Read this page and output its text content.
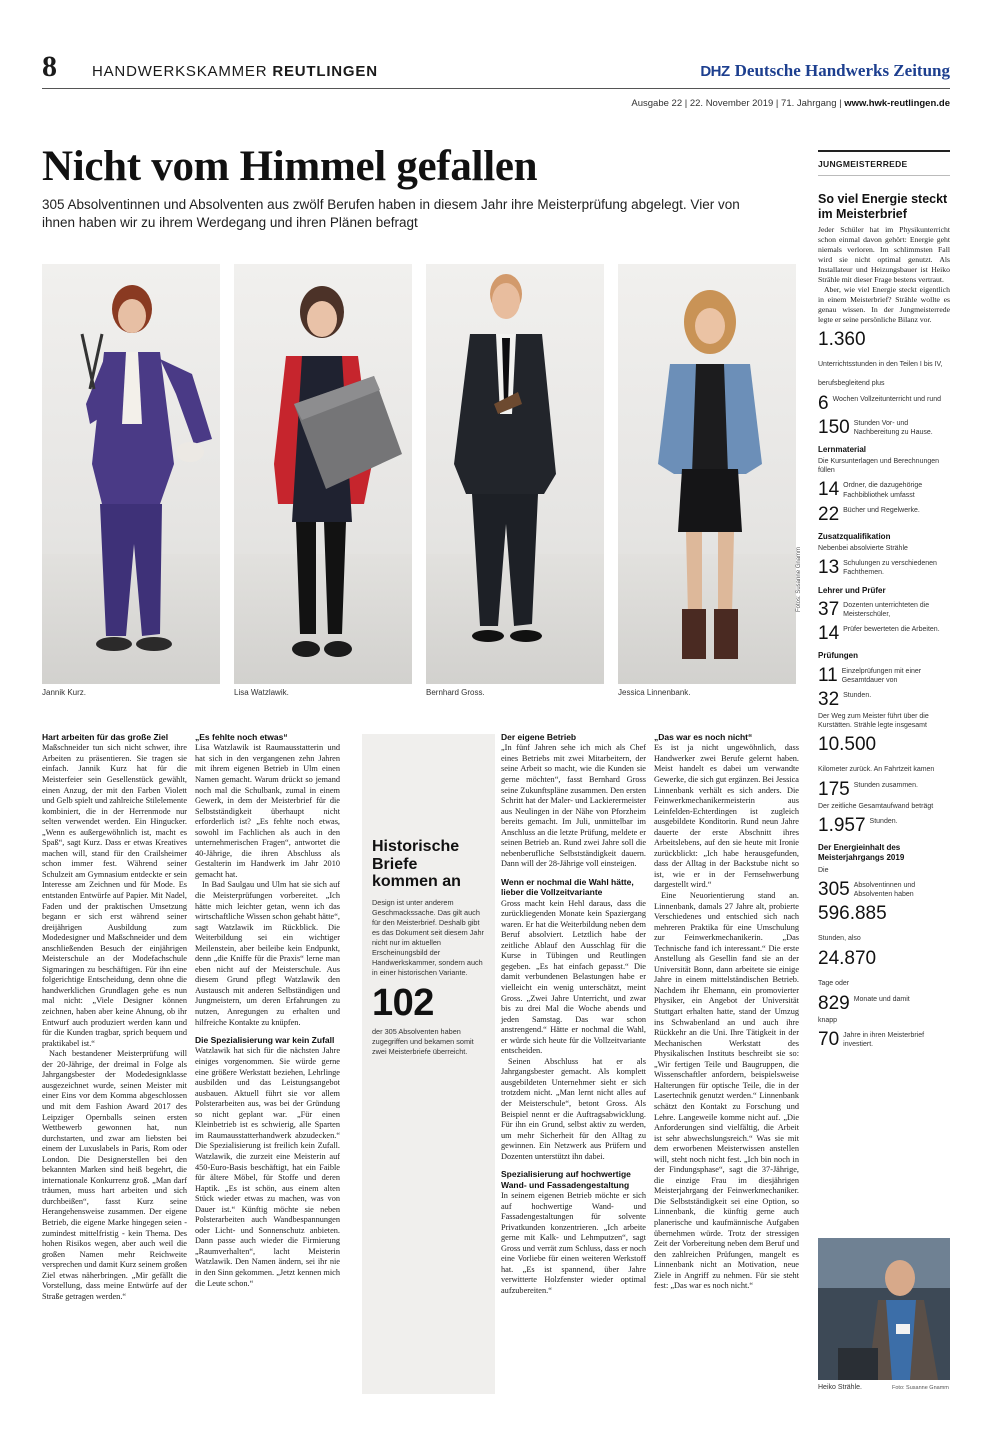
8 HANDWERKSKAMMER REUTLINGEN	DHZ Deutsche Handwerks Zeitung
Ausgabe 22 | 22. November 2019 | 71. Jahrgang | www.hwk-reutlingen.de
Nicht vom Himmel gefallen

305 Absolventinnen und Absolventen aus zwölf Berufen haben in diesem Jahr ihre Meisterprüfung abgelegt. Vier von ihnen haben wir zu ihrem Werdegang und ihren Plänen befragt

Jannik Kurz.	Lisa Watzlawik.	Bernhard Gross.	Jessica Linnenbank.
Fotos: Susanne Gnamm
Hart arbeiten für das große Ziel

Maßschneider tun sich nicht schwer, ihre Arbeiten zu präsentieren. Sie tragen sie einfach. Jannik Kurz hat für die Meisterfeier sein Gesellenstück gewählt, einen Anzug, der mit den Farben Violett und Gelb spielt und zahlreiche Stilelemente kombiniert, die in der Herrenmode nur selten verwendet werden. Ein Hingucker. „Wenn es außergewöhnlich ist, macht es Spaß“, sagt Kurz. Dass er etwas Kreatives machen will, stand für den Crailsheimer schon immer fest. Während seiner Schulzeit am Gymnasium entdeckte er sein Interesse am Zeichnen und für Mode. Es entstanden Entwürfe auf Papier. Mit Nadel, Faden und der praktischen Umsetzung begann er sich erst während seiner dreijährigen Ausbildung zum Modedesigner und Maßschneider und dem anschließenden Besuch der einjährigen Meisterschule an der Modefachschule Sigmaringen zu beschäftigen. Für ihn eine folgerichtige Entscheidung, denn ohne die handwerklichen Grundlagen gehe es nun mal nicht: „Viele Designer können zeichnen, haben aber keine Ahnung, ob ihr Entwurf auch produziert werden kann und für die Kunden tragbar, sprich bequem und praktikabel ist.“

Nach bestandener Meisterprüfung will der 20-Jährige, der dreimal in Folge als Jahrgangsbester der Modedesignklasse ausgezeichnet wurde, seinen Meister mit einer Eins vor dem Komma abgeschlossen und mit dem Fashion Award 2017 des Leipziger Opernballs seinen ersten Wettbewerb gewonnen hat, nun durchstarten, und zwar am liebsten bei einem der Luxuslabels in Paris, Rom oder London. Die Designerstellen bei den bekannten Marken sind heiß begehrt, die internationale Konkurrenz groß. „Man darf träumen, muss hart arbeiten und sich durchbeißen“, fasst Kurz seine Herangehensweise zusammen. Der eigene Betrieb, die eigene Marke hingegen seien - zumindest mittelfristig - kein Thema. Des hohen Risikos wegen, aber auch weil die großen Namen mehr Reichweite versprechen und damit Kurz seinem großen Ziel etwas näherbringen. „Mir gefällt die Vorstellung, dass meine Entwürfe auf der Straße getragen werden.“

„Es fehlte noch etwas“

Lisa Watzlawik ist Raumausstatterin und hat sich in den vergangenen zehn Jahren mit ihrem eigenen Betrieb in Ulm einen Namen gemacht. Warum drückt so jemand noch mal die Schulbank, zumal in einem Gewerk, in dem der Meisterbrief für die Selbstständigkeit überhaupt nicht erforderlich ist? „Es fehlte noch etwas, sowohl im Fachlichen als auch in den unternehmerischen Fragen“, antwortet die 40-Jährige, die ihren Abschluss als Gestalterin im Handwerk im Jahr 2010 gemacht hat.

In Bad Saulgau und Ulm hat sie sich auf die Meisterprüfungen vorbereitet. „Ich hätte mich leichter getan, wenn ich das wirtschaftliche Wissen schon gehabt hätte“, sagt Watzlawik im Rückblick. Die Weiterbildung sei ein wichtiger Meilenstein, aber beileibe kein Endpunkt, denn „die Kniffe für die Praxis“ lerne man eben nicht auf der Meisterschule. Aus diesem Grund pflegt Watzlawik den Austausch mit anderen Selbständigen und Jungmeistern, um deren Erfahrungen zu nutzen, Anregungen zu erhalten und hilfreiche Kontakte zu knüpfen.

Die Spezialisierung war kein Zufall

Watzlawik hat sich für die nächsten Jahre einiges vorgenommen. Sie würde gerne eine größere Werkstatt beziehen, Lehrlinge ausbilden und das Leistungsangebot ausbauen. Aktuell führt sie vor allem Polsterarbeiten aus, was bei der Gründung so nicht geplant war. „Für einen Kleinbetrieb ist es schwierig, alle Sparten im Raumausstatterhandwerk abzudecken.“ Die Spezialisierung ist freilich kein Zufall. Watzlawik, die zurzeit eine Meisterin auf 450-Euro-Basis beschäftigt, hat ein Faible für ältere Möbel, für Stoffe und deren Haptik. „Es ist schön, aus einem alten Stück wieder etwas zu machen, was von Dauer ist.“ Künftig möchte sie neben Polsterarbeiten auch Wandbespannungen oder Licht- und Sonnenschutz anbieten. Dann passe auch wieder die Firmierung „Raumverhalten“, lacht Meisterin Watzlawik. Den Namen ändern, sei ihr nie in den Sinn gekommen. „Jetzt kennen mich die Leute schon.“

Der eigene Betrieb

„In fünf Jahren sehe ich mich als Chef eines Betriebs mit zwei Mitarbeitern, der seine Arbeit so macht, wie die Kunden sie gerne möchten“, fasst Bernhard Gross seine Zukunftspläne zusammen. Den ersten Schritt hat der Maler- und Lackierermeister aus Neulingen in der Nähe von Pforzheim bereits gemacht. Im Juli, unmittelbar im Anschluss an die letzte Prüfung, meldete er seinen Betrieb an. Rund zwei Jahre soll die nebenberufliche Selbstständigkeit dauern. Dann will der 28-Jährige voll einsteigen.

Wenn er nochmal die Wahl hätte, lieber die Vollzeitvariante

Gross macht kein Hehl daraus, dass die zurückliegenden Monate kein Spaziergang waren. Er hat die Weiterbildung neben dem Beruf absolviert. Letztlich habe der zeitliche Ablauf den Ausschlag für die Kurse in Tübingen und Reutlingen gegeben. „Es hat einfach gepasst.“ Die damit verbundenen Belastungen habe er vielleicht ein wenig unterschätzt, meint Gross. „Zwei Jahre Unterricht, und zwar bis zu drei Mal die Woche abends und jeden Samstag. Das war schon anstrengend.“ Hätte er nochmal die Wahl, er würde sich heute für die Vollzeitvariante entscheiden.

Seinen Abschluss hat er als Jahrgangsbester gemacht. Als komplett ausgebildeten Unternehmer sieht er sich trotzdem nicht. „Man lernt nicht alles auf der Meisterschule“, betont Gross. Als Beispiel nennt er die Auftragsabwicklung. Für ihn ein Grund, selbst aktiv zu werden, um mehr Sicherheit für den Alltag zu gewinnen. Ein Netzwerk aus Prüfern und Dozenten unterstützt ihn dabei.

Spezialisierung auf hochwertige Wand- und Fassadengestaltung

In seinem eigenen Betrieb möchte er sich auf hochwertige Wand- und Fassadengestaltungen für solvente Privatkunden konzentrieren. „Ich arbeite gerne mit Kalk- und Lehmputzen“, sagt Gross und verrät zum Schluss, dass er noch eine Vorliebe für einen weiteren Werkstoff hat. „Es ist spannend, über Jahre verwitterte Holzfenster wieder optimal aufzubereiten.“

„Das war es noch nicht“

Es ist ja nicht ungewöhnlich, dass Handwerker zwei Berufe gelernt haben. Meist handelt es dabei um verwandte Gewerke, die sich gut ergänzen. Bei Jessica Linnenbank verhält es sich anders. Die Feinwerkmechanikermeisterin aus Leinfelden-Echterdingen ist zugleich ausgebildete Konditorin. Rund neun Jahre dauerte der erste Abschnitt ihres Arbeitslebens, auf den sie heute mit Ironie zurückblickt: „Ich habe herausgefunden, dass der Alltag in der Backstube nicht so ist, wie er in der Fernsehwerbung dargestellt wird.“

Eine Neuorientierung stand an. Linnenbank, damals 27 Jahre alt, probierte Verschiedenes und entschied sich nach mehreren Praktika für eine Umschulung zur Feinwerkmechanikerin. „Das Technische fand ich interessant.“ Die erste Anstellung als Gesellin fand sie an der Universität Bonn, dann arbeitete sie einige Jahre in einem mittelständischen Betrieb. Nachdem ihr Ehemann, ein promovierter Physiker, ein Angebot der Universität Stuttgart erhalten hatte, stand der Umzug ins Schwabenland an und auch ihre Rückkehr an die Uni. Ihre Tätigkeit in der Mechanischen Werkstatt des Physikalischen Instituts beschreibt sie so: „Wir fertigen Teile und Baugruppen, die Wissenschaftler anfordern, beispielsweise Halterungen für optische Teile, die in der Lasertechnik genutzt werden.“ Linnenbank schätzt den Kontakt zu Forschung und Lehre. Langeweile komme nicht auf. „Die Anforderungen sind vielfältig, die Arbeit ist sehr abwechslungsreich.“ Was sie mit dem erworbenen Meisterwissen anstellen will, steht noch nicht fest. „Ich bin noch in der Findungsphase“, sagt die 37-Jährige, die einzige Frau im diesjährigen Meisterjahrgang der Feinwerkmechaniker. Die Selbstständigkeit sei eine Option, so Linnenbank, die künftig gerne auch planerische und kaufmännische Aufgaben übernehmen würde. Trotz der stressigen Zeit der Vorbereitung neben dem Beruf und den zahlreichen Prüfungen, mangelt es Linnenbank nicht an Motivation, neue Ziele in Angriff zu nehmen. Für sie steht fest: „Das war es noch nicht.“

Historische Briefe kommen an
Design ist unter anderem Geschmackssache. Das gilt auch für den Meisterbrief. Deshalb gibt es das Dokument seit diesem Jahr nicht nur im aktuellen Erscheinungsbild der Handwerkskammer, sondern auch in einer historischen Variante.
102
der 305 Absolventen haben zugegriffen und bekamen somit zwei Meisterbriefe überreicht.
JUNGMEISTERREDE
So viel Energie steckt im Meisterbrief

Jeder Schüler hat im Physikunterricht schon einmal davon gehört: Energie geht niemals verloren. Im schlimmsten Fall wird sie nicht optimal genutzt. Als Installateur und Heizungsbauer ist Heiko Strähle mit dieser Frage bestens vertraut.

Aber, wie viel Energie steckt eigentlich in einem Meisterbrief? Strähle wollte es genau wissen. In der Jungmeisterrede legte er seine persönliche Bilanz vor.

1.360
Unterrichtsstunden in den Teilen I bis IV, berufsbegleitend plus
6 Wochen Vollzeitunterricht und rund
150 Stunden Vor- und Nachbereitung zu Hause.
Lernmaterial
Die Kursunterlagen und Berechnungen füllen
14 Ordner, die dazugehörige Fachbibliothek umfasst
22 Bücher und Regelwerke.
Zusatzqualifikation
Nebenbei absolvierte Strähle
13 Schulungen zu verschiedenen Fachthemen.
Lehrer und Prüfer
37 Dozenten unterrichteten die Meisterschüler,
14 Prüfer bewerteten die Arbeiten.
Prüfungen
11 Einzelprüfungen mit einer Gesamtdauer von
32 Stunden.
Der Weg zum Meister führt über die Kurstätten. Strähle legte insgesamt
10.500
Kilometer zurück. An Fahrtzeit kamen
175 Stunden zusammen.
Der zeitliche Gesamtaufwand beträgt
1.957 Stunden.
Der Energieinhalt des Meisterjahrgangs 2019
Die
305 Absolventinnen und Absolventen haben
596.885
Stunden, also
24.870
Tage oder
829 Monate und damit
knapp
70 Jahre in ihren Meisterbrief investiert.
Heiko Strähle.	Foto: Susanne Gnamm
